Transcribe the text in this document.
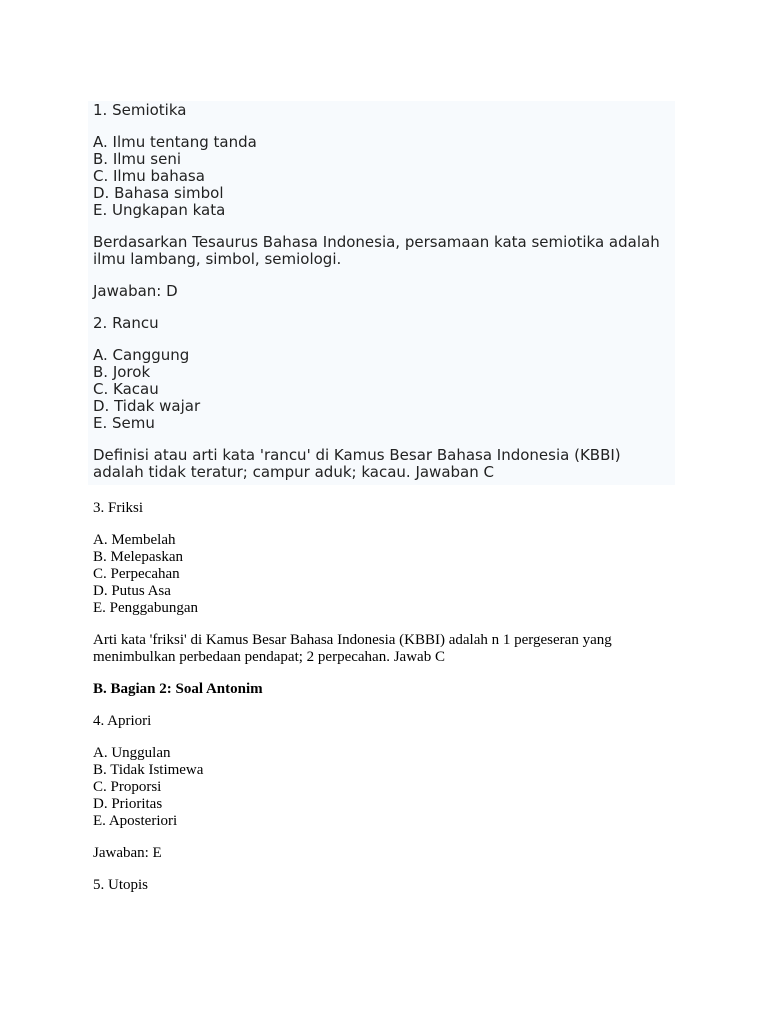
1. Semiotika

A. Ilmu tentang tanda

B. Ilmu seni

C. Ilmu bahasa

D. Bahasa simbol

E. Ungkapan kata

Berdasarkan Tesaurus Bahasa Indonesia, persamaan kata semiotika adalah ilmu lambang, simbol, semiologi.

Jawaban: D

2. Rancu

A. Canggung

B. Jorok

C. Kacau

D. Tidak wajar

E. Semu

Definisi atau arti kata 'rancu' di Kamus Besar Bahasa Indonesia (KBBI) adalah tidak teratur; campur aduk; kacau. Jawaban C

3. Friksi

A. Membelah

B. Melepaskan

C. Perpecahan

D. Putus Asa

E. Penggabungan

Arti kata 'friksi' di Kamus Besar Bahasa Indonesia (KBBI) adalah n 1 pergeseran yang menimbulkan perbedaan pendapat; 2 perpecahan. Jawab C

B. Bagian 2: Soal Antonim

4. Apriori

A. Unggulan

B. Tidak Istimewa

C. Proporsi

D. Prioritas

E. Aposteriori

Jawaban: E

5. Utopis
